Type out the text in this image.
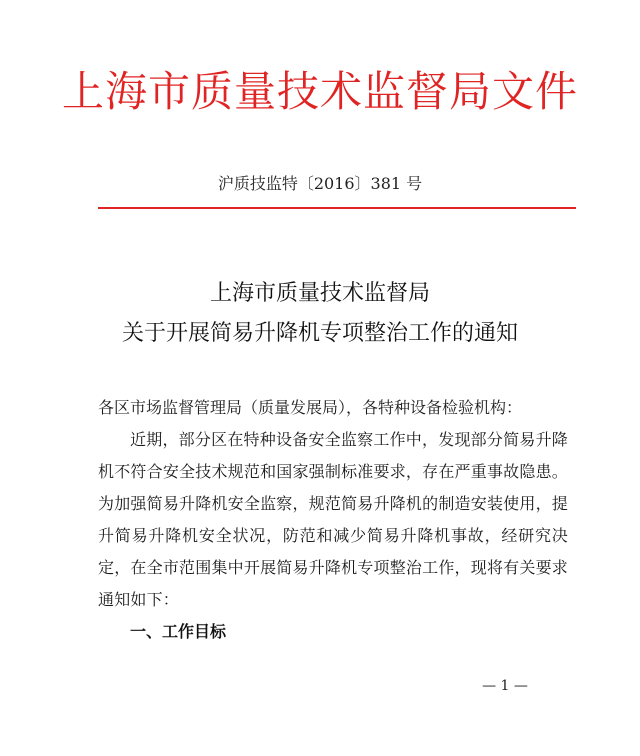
上海市质量技术监督局文件
沪质技监特〔2016〕381 号
上海市质量技术监督局
关于开展简易升降机专项整治工作的通知
各区市场监督管理局（质量发展局），各特种设备检验机构：
近期，部分区在特种设备安全监察工作中，发现部分简易升降机不符合安全技术规范和国家强制标准要求，存在严重事故隐患。为加强简易升降机安全监察，规范简易升降机的制造安装使用，提升简易升降机安全状况，防范和减少简易升降机事故，经研究决定，在全市范围集中开展简易升降机专项整治工作，现将有关要求通知如下：
一、工作目标
— 1 —
